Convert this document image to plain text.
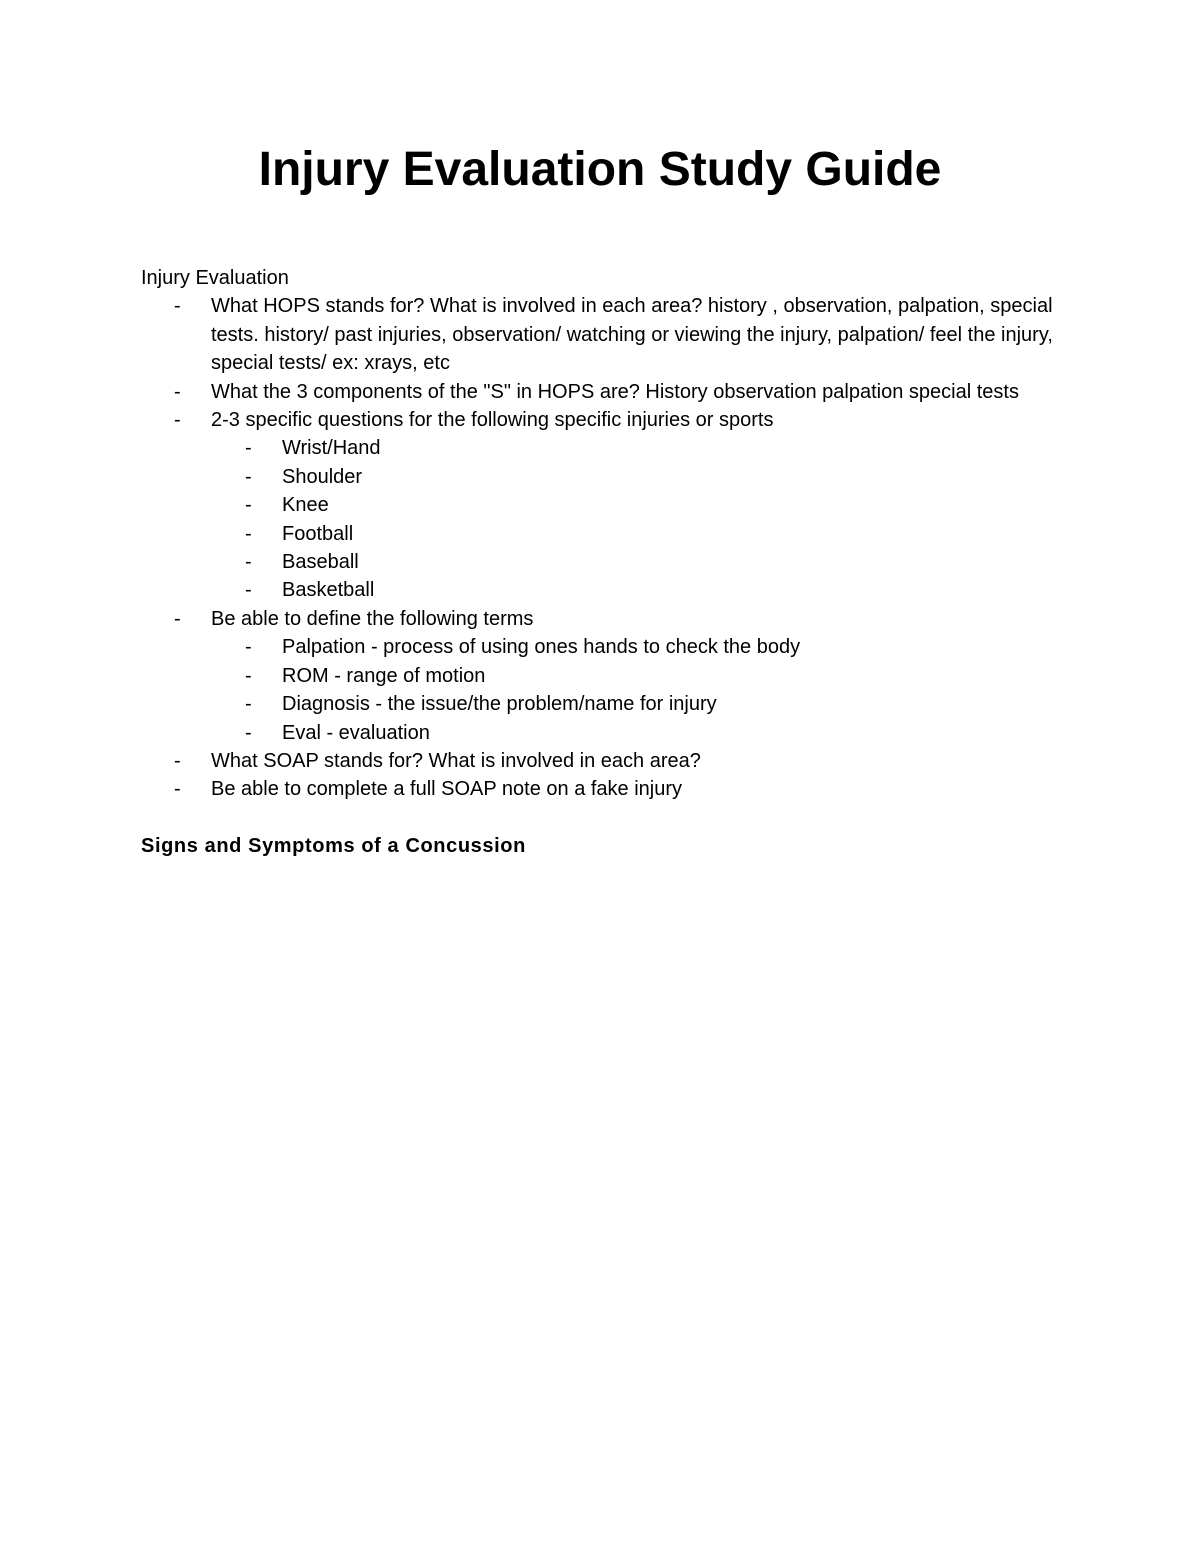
Injury Evaluation Study Guide

Injury Evaluation

- What HOPS stands for? What is involved in each area? history , observation, palpation, special tests. history/ past injuries, observation/ watching or viewing the injury, palpation/ feel the injury, special tests/ ex: xrays, etc
- What the 3 components of the "S" in HOPS are? History observation palpation special tests
- 2-3 specific questions for the following specific injuries or sports
- Wrist/Hand
- Shoulder
- Knee
- Football
- Baseball
- Basketball
- Be able to define the following terms
- Palpation - process of using ones hands to check the body
- ROM - range of motion
- Diagnosis - the issue/the problem/name for injury
- Eval - evaluation
- What SOAP stands for? What is involved in each area?
- Be able to complete a full SOAP note on a fake injury

Signs and Symptoms of a Concussion
